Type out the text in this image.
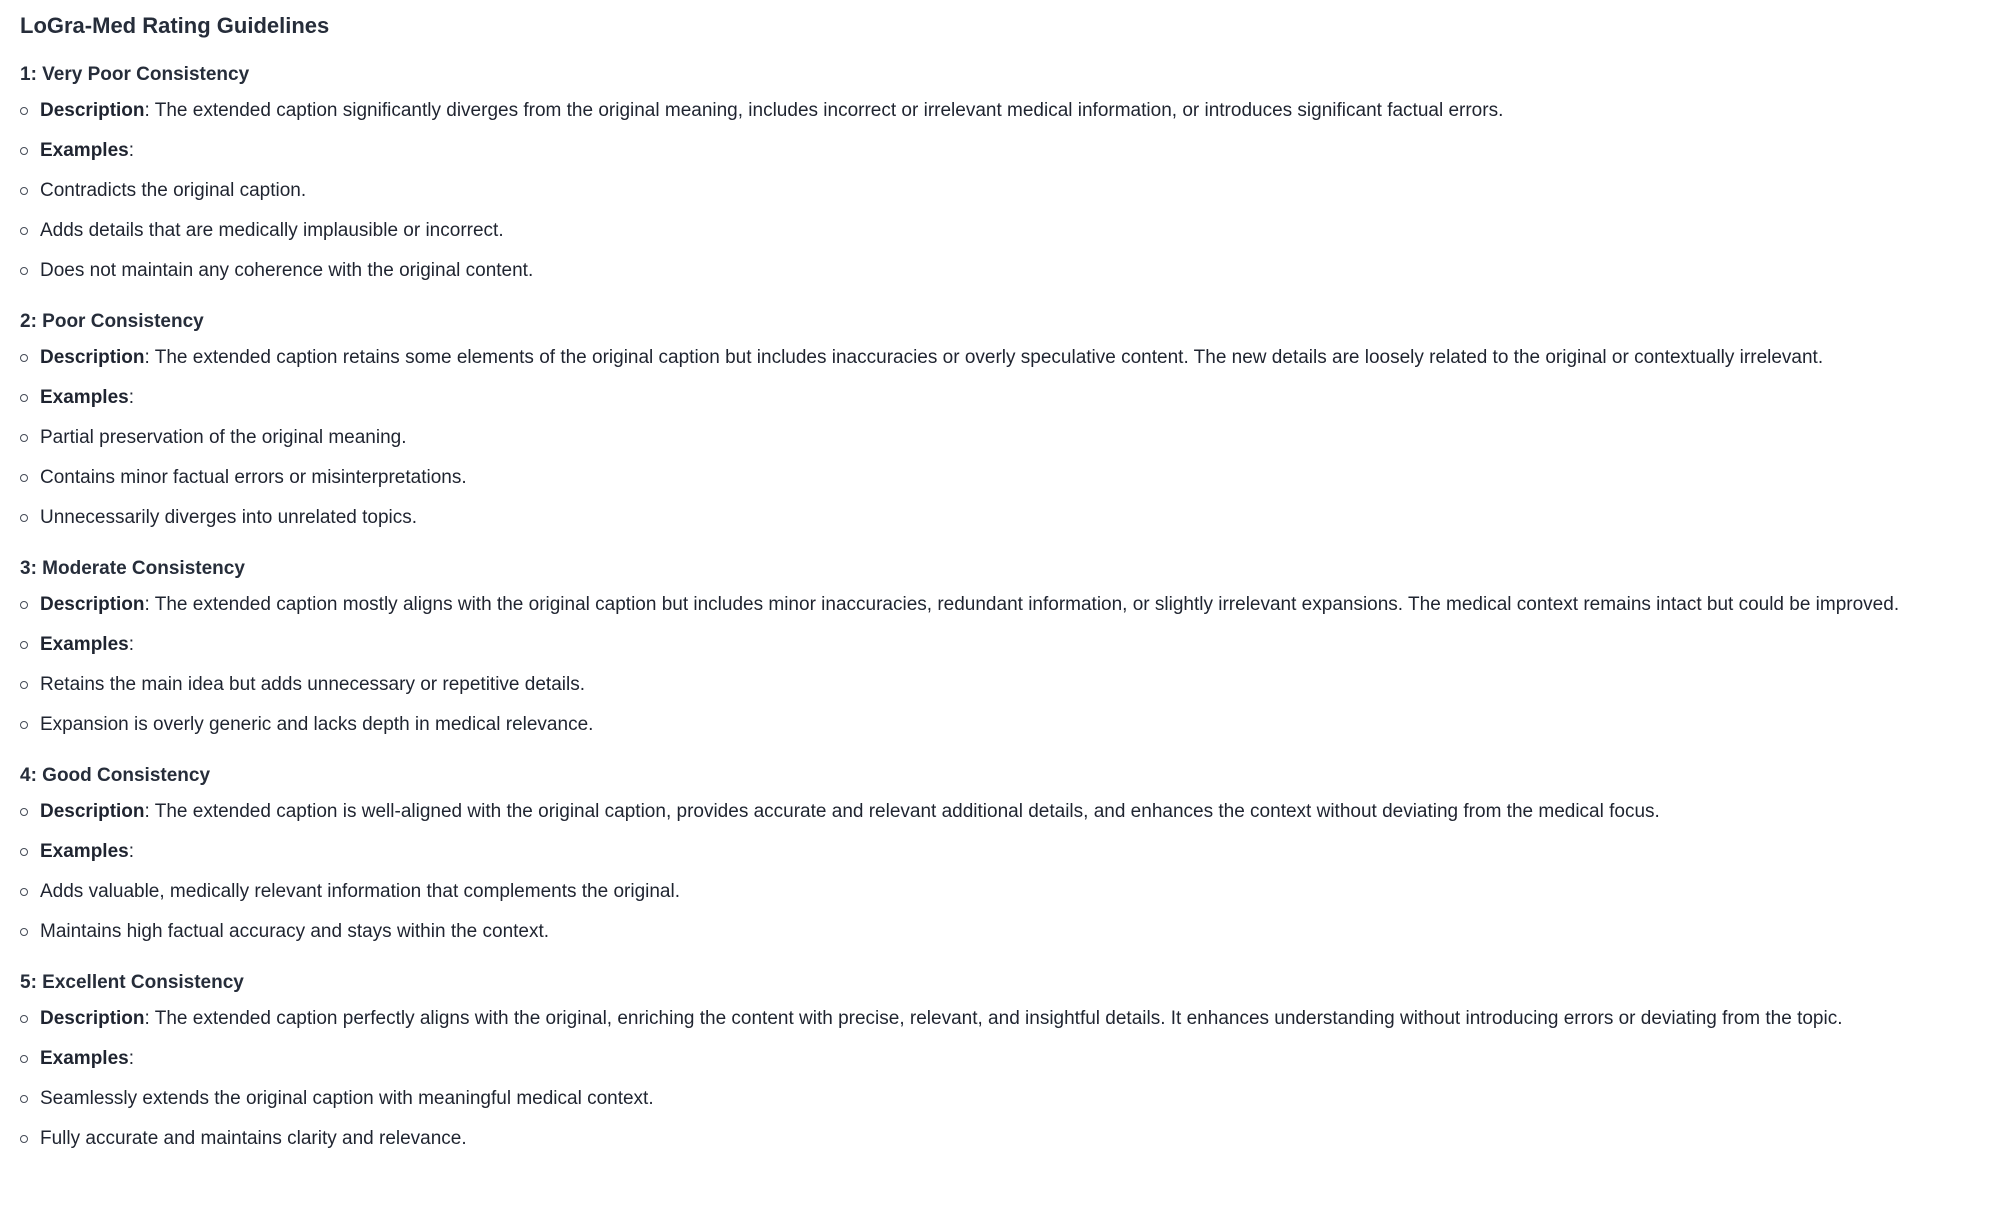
LoGra-Med Rating Guidelines
1: Very Poor Consistency
Description: The extended caption significantly diverges from the original meaning, includes incorrect or irrelevant medical information, or introduces significant factual errors.
Examples:
Contradicts the original caption.
Adds details that are medically implausible or incorrect.
Does not maintain any coherence with the original content.
2: Poor Consistency
Description: The extended caption retains some elements of the original caption but includes inaccuracies or overly speculative content. The new details are loosely related to the original or contextually irrelevant.
Examples:
Partial preservation of the original meaning.
Contains minor factual errors or misinterpretations.
Unnecessarily diverges into unrelated topics.
3: Moderate Consistency
Description: The extended caption mostly aligns with the original caption but includes minor inaccuracies, redundant information, or slightly irrelevant expansions. The medical context remains intact but could be improved.
Examples:
Retains the main idea but adds unnecessary or repetitive details.
Expansion is overly generic and lacks depth in medical relevance.
4: Good Consistency
Description: The extended caption is well-aligned with the original caption, provides accurate and relevant additional details, and enhances the context without deviating from the medical focus.
Examples:
Adds valuable, medically relevant information that complements the original.
Maintains high factual accuracy and stays within the context.
5: Excellent Consistency
Description: The extended caption perfectly aligns with the original, enriching the content with precise, relevant, and insightful details. It enhances understanding without introducing errors or deviating from the topic.
Examples:
Seamlessly extends the original caption with meaningful medical context.
Fully accurate and maintains clarity and relevance.
